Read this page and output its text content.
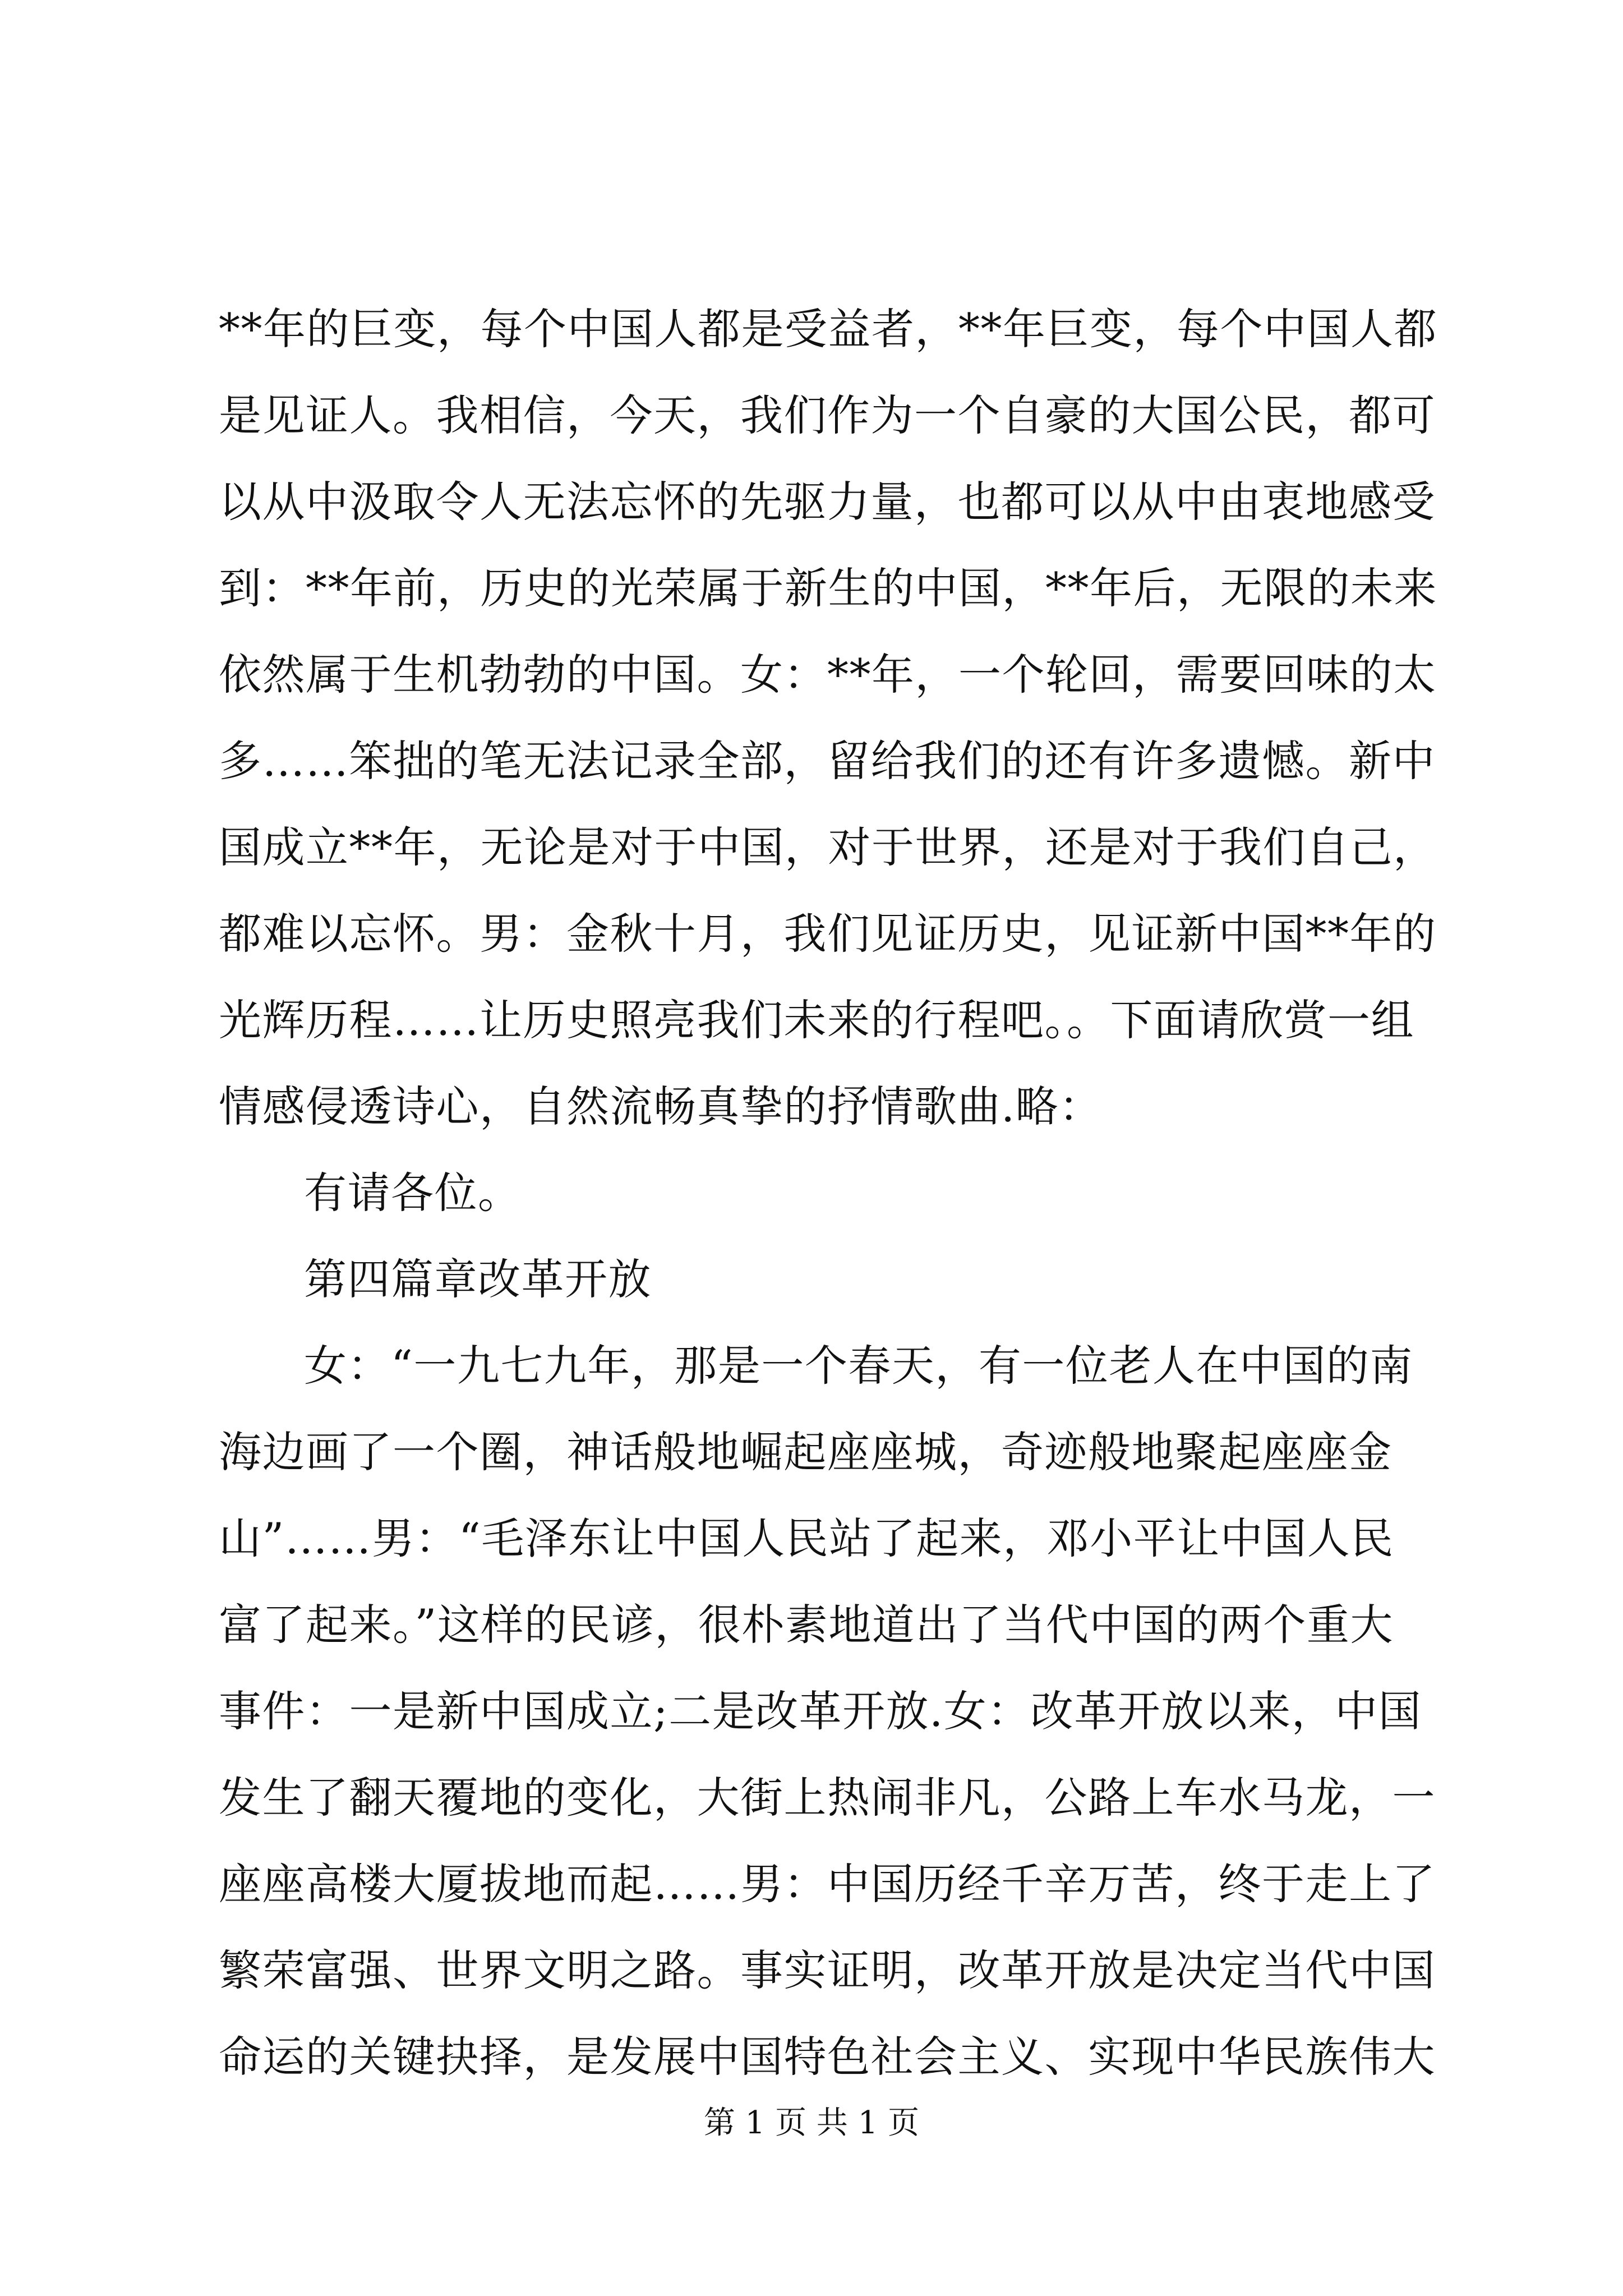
**年的巨变，每个中国人都是受益者，**年巨变，每个中国人都
是见证人。我相信，今天，我们作为一个自豪的大国公民，都可
以从中汲取令人无法忘怀的先驱力量，也都可以从中由衷地感受
到：**年前，历史的光荣属于新生的中国，**年后，无限的未来
依然属于生机勃勃的中国。女：**年，一个轮回，需要回味的太
多……笨拙的笔无法记录全部，留给我们的还有许多遗憾。新中
国成立**年，无论是对于中国，对于世界，还是对于我们自己，
都难以忘怀。男：金秋十月，我们见证历史，见证新中国**年的
光辉历程……让历史照亮我们未来的行程吧。。下面请欣赏一组
情感侵透诗心，自然流畅真挚的抒情歌曲.略：
有请各位。
第四篇章改革开放
女：“一九七九年，那是一个春天，有一位老人在中国的南
海边画了一个圈，神话般地崛起座座城，奇迹般地聚起座座金
山”……男：“毛泽东让中国人民站了起来，邓小平让中国人民
富了起来。”这样的民谚，很朴素地道出了当代中国的两个重大
事件：一是新中国成立;二是改革开放.女：改革开放以来，中国
发生了翻天覆地的变化，大街上热闹非凡，公路上车水马龙，一
座座高楼大厦拔地而起……男：中国历经千辛万苦，终于走上了
繁荣富强、世界文明之路。事实证明，改革开放是决定当代中国
命运的关键抉择，是发展中国特色社会主义、实现中华民族伟大
第 1 页 共 1 页
